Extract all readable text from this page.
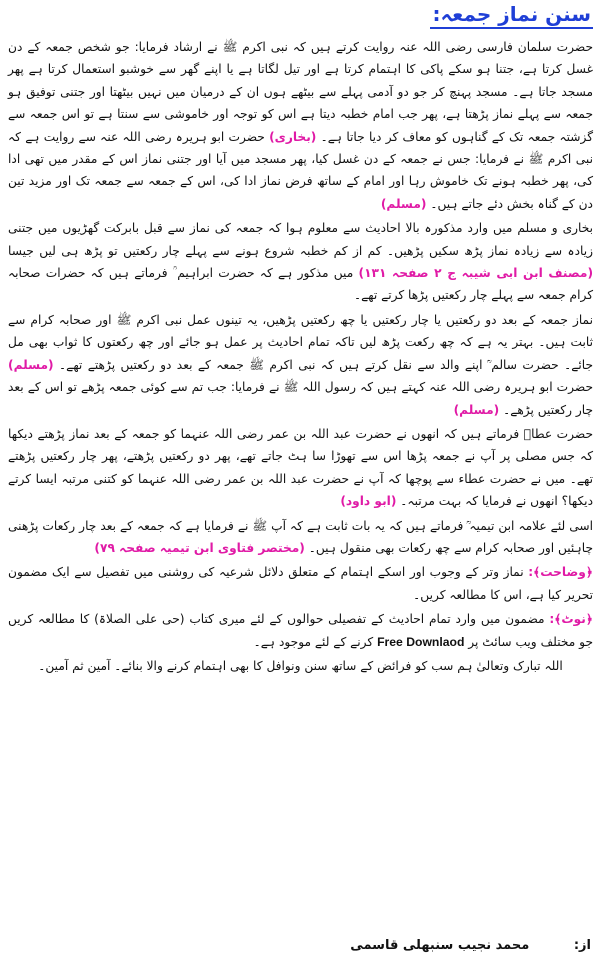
سنن نماز جمعہ:

حضرت سلمان فارسی رضی اللہ عنہ روایت کرتے ہیں کہ نبی اکرم ﷺ نے ارشاد فرمایا: جو شخص جمعہ کے دن غسل کرتا ہے، جتنا ہو سکے پاکی کا اہتمام کرتا ہے اور تیل لگاتا ہے یا اپنے گھر سے خوشبو استعمال کرتا ہے پھر مسجد جاتا ہے۔ مسجد پہنچ کر جو دو آدمی پہلے سے بیٹھے ہوں ان کے درمیان میں نہیں بیٹھتا اور جتنی توفیق ہو جمعہ سے پہلے نماز پڑھتا ہے، پھر جب امام خطبہ دیتا ہے اس کو توجہ اور خاموشی سے سنتا ہے تو اس جمعہ سے گزشتہ جمعہ تک کے گناہوں کو معاف کر دیا جاتا ہے۔ (بخاری) حضرت ابو ہریرہ رضی اللہ عنہ سے روایت ہے کہ نبی اکرم ﷺ نے فرمایا: جس نے جمعہ کے دن غسل کیا، پھر مسجد میں آیا اور جتنی نماز اس کے مقدر میں تھی ادا کی، پھر خطبہ ہونے تک خاموش رہا اور امام کے ساتھ فرض نماز ادا کی، اس کے جمعہ سے جمعہ تک اور مزید تین دن کے گناہ بخش دئے جاتے ہیں۔ (مسلم)

بخاری و مسلم میں وارد مذکورہ بالا احادیث سے معلوم ہوا کہ جمعہ کی نماز سے قبل بابرکت گھڑیوں میں جتنی زیادہ سے زیادہ نماز پڑھ سکیں پڑھیں۔ کم از کم خطبہ شروع ہونے سے پہلے چار رکعتیں تو پڑھ ہی لیں جیسا (مصنف ابن ابی شیبہ ج ۲ صفحہ ۱۳۱) میں مذکور ہے کہ حضرت ابراہیم ؒ فرماتے ہیں کہ حضرات صحابہ کرام جمعہ سے پہلے چار رکعتیں پڑھا کرتے تھے۔

نماز جمعہ کے بعد دو رکعتیں یا چار رکعتیں یا چھ رکعتیں پڑھیں، یہ تینوں عمل نبی اکرم ﷺ اور صحابہ کرام سے ثابت ہیں۔ بہتر یہ ہے کہ چھ رکعت پڑھ لیں تاکہ تمام احادیث پر عمل ہو جائے اور چھ رکعتوں کا ثواب بھی مل جائے۔ حضرت سالم ؒ اپنے والد سے نقل کرتے ہیں کہ نبی اکرم ﷺ جمعہ کے بعد دو رکعتیں پڑھتے تھے۔ (مسلم) حضرت ابو ہریرہ رضی اللہ عنہ کہتے ہیں کہ رسول اللہ ﷺ نے فرمایا: جب تم سے کوئی جمعہ پڑھے تو اس کے بعد چار رکعتیں پڑھے۔ (مسلم)

حضرت عطاؒ فرماتے ہیں کہ انھوں نے حضرت عبد اللہ بن عمر رضی اللہ عنہما کو جمعہ کے بعد نماز پڑھتے دیکھا کہ جس مصلی پر آپ نے جمعہ پڑھا اس سے تھوڑا سا ہٹ جاتے تھے، پھر دو رکعتیں پڑھتے، پھر چار رکعتیں پڑھتے تھے۔ میں نے حضرت عطاء سے پوچھا کہ آپ نے حضرت عبد اللہ بن عمر رضی اللہ عنہما کو کتنی مرتبہ ایسا کرتے دیکھا؟ انھوں نے فرمایا کہ بہت مرتبہ۔ (ابو داود)

اسی لئے علامہ ابن تیمیہ ؒ فرماتے ہیں کہ یہ بات ثابت ہے کہ آپ ﷺ نے فرمایا ہے کہ جمعہ کے بعد چار رکعات پڑھنی چاہئیں اور صحابہ کرام سے چھ رکعات بھی منقول ہیں۔ (مختصر فتاوی ابن تیمیہ صفحہ ۷۹)

﴿وضاحت﴾: نماز وتر کے وجوب اور اسکے اہتمام کے متعلق دلائل شرعیہ کی روشنی میں تفصیل سے ایک مضمون تحریر کیا ہے، اس کا مطالعہ کریں۔

﴿نوٹ﴾: مضمون میں وارد تمام احادیث کے تفصیلی حوالوں کے لئے میری کتاب (حی علی الصلاۃ) کا مطالعہ کریں جو مختلف ویب سائٹ پر Free Downlaod کرنے کے لئے موجود ہے۔

اللہ تبارک وتعالیٰ ہم سب کو فرائض کے ساتھ سنن ونوافل کا بھی اہتمام کرنے والا بنائے۔ آمین ثم آمین۔

از: محمد نجیب سنبھلی قاسمی
